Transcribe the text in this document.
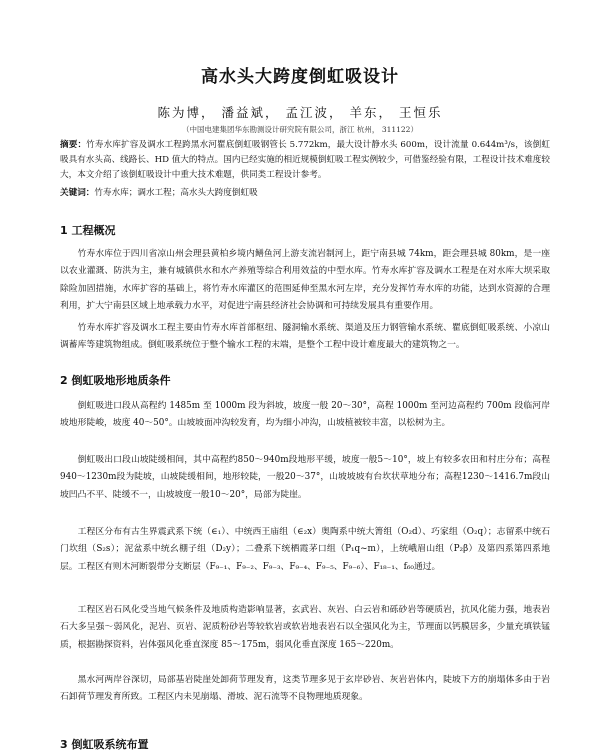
高水头大跨度倒虹吸设计
陈为博， 潘益斌， 孟江波， 羊东， 王恒乐
（中国电建集团华东勘测设计研究院有限公司，浙江 杭州， 311122）
摘要：竹寿水库扩容及调水工程跨黑水河瞿底倒虹吸钢管长 5.772km，最大设计静水头 600m，设计流量 0.644m³/s，该倒虹吸具有水头高、线路长、HD 值大的特点。国内已经实施的相近规模倒虹吸工程实例较少，可借鉴经验有限，工程设计技术难度较大，本文介绍了该倒虹吸设计中重大技术难题，供同类工程设计参考。
关键词：竹寿水库；调水工程；高水头大跨度倒虹吸
1 工程概况

竹寿水库位于四川省凉山州会理县黄柏乡境内鳝鱼河上游支流岩制河上，距宁南县城 74km，距会理县城 80km，是一座以农业灌溉、防洪为主，兼有城镇供水和水产养殖等综合利用效益的中型水库。竹寿水库扩容及调水工程是在对水库大坝采取除险加固措施，水库扩容的基础上，将竹寿水库灌区的范围延伸至黑水河左岸，充分发挥竹寿水库的功能，达到水资源的合理利用，扩大宁南县区域上地承载力水平，对促进宁南县经济社会协调和可持续发展具有重要作用。

竹寿水库扩容及调水工程主要由竹寿水库首部枢纽、隧洞输水系统、渠道及压力钢管输水系统、瞿底倒虹吸系统、小凉山调蓄库等建筑物组成。倒虹吸系统位于整个输水工程的末端，是整个工程中设计难度最大的建筑物之一。

2 倒虹吸地形地质条件

倒虹吸进口段从高程约 1485m 至 1000m 段为斜坡，坡度一般 20～30°，高程 1000m 至河边高程约 700m 段临河岸坡地形陡峻，坡度 40～50°。山坡坡面冲沟较发育，均为细小冲沟，山坡植被较丰富，以松树为主。

倒虹吸出口段山坡陡缓相间，其中高程约850～940m段地形平缓，坡度一般5～10°，坡上有较多农田和村庄分布；高程940～1230m段为陡坡，山坡陡缓相间，地形较陡，一般20～37°，山坡坡坡有台坎状草地分布；高程1230～1416.7m段山坡凹凸不平、陡缓不一，山坡坡度一般10～20°，局部为陡崖。

工程区分布有古生界震武系下统（∈₁）、中统西王庙组（∈₂x）奥陶系中统大箐组（O₂d）、巧家组（O₂q）；志留系中统石门坎组（S₂s）；泥盆系中统幺棚子组（D₂y）；二叠系下统栖霞茅口组（P₁q~m），上统峨眉山组（P₂β）及第四系第四系地层。工程区有则木河断裂带分支断层（F₉₋₁、F₉₋₂、F₉₋₃、F₉₋₄、F₉₋₅、F₉₋₆）、F₁₈₋₁、f₆₀通过。

工程区岩石风化受当地气候条件及地质构造影响显著，玄武岩、灰岩、白云岩和砾砂岩等硬质岩，抗风化能力强，地表岩石大多呈强～弱风化，泥岩、页岩、泥质粉砂岩等较软岩或软岩地表岩石以全强风化为主，节理面以钙膜居多，少量充填铁锰质，根据勘探资料，岩体强风化垂直深度 85～175m，弱风化垂直深度 165～220m。

黑水河两岸谷深切，局部基岩陡崖处卸荷节理发育，这类节理多见于玄岸砂岩、灰岩岩体内，陡坡下方的崩塌体多由于岩石卸荷节理发育所致。工程区内未见崩塌、滑坡、泥石流等不良物理地质现象。

3 倒虹吸系统布置
